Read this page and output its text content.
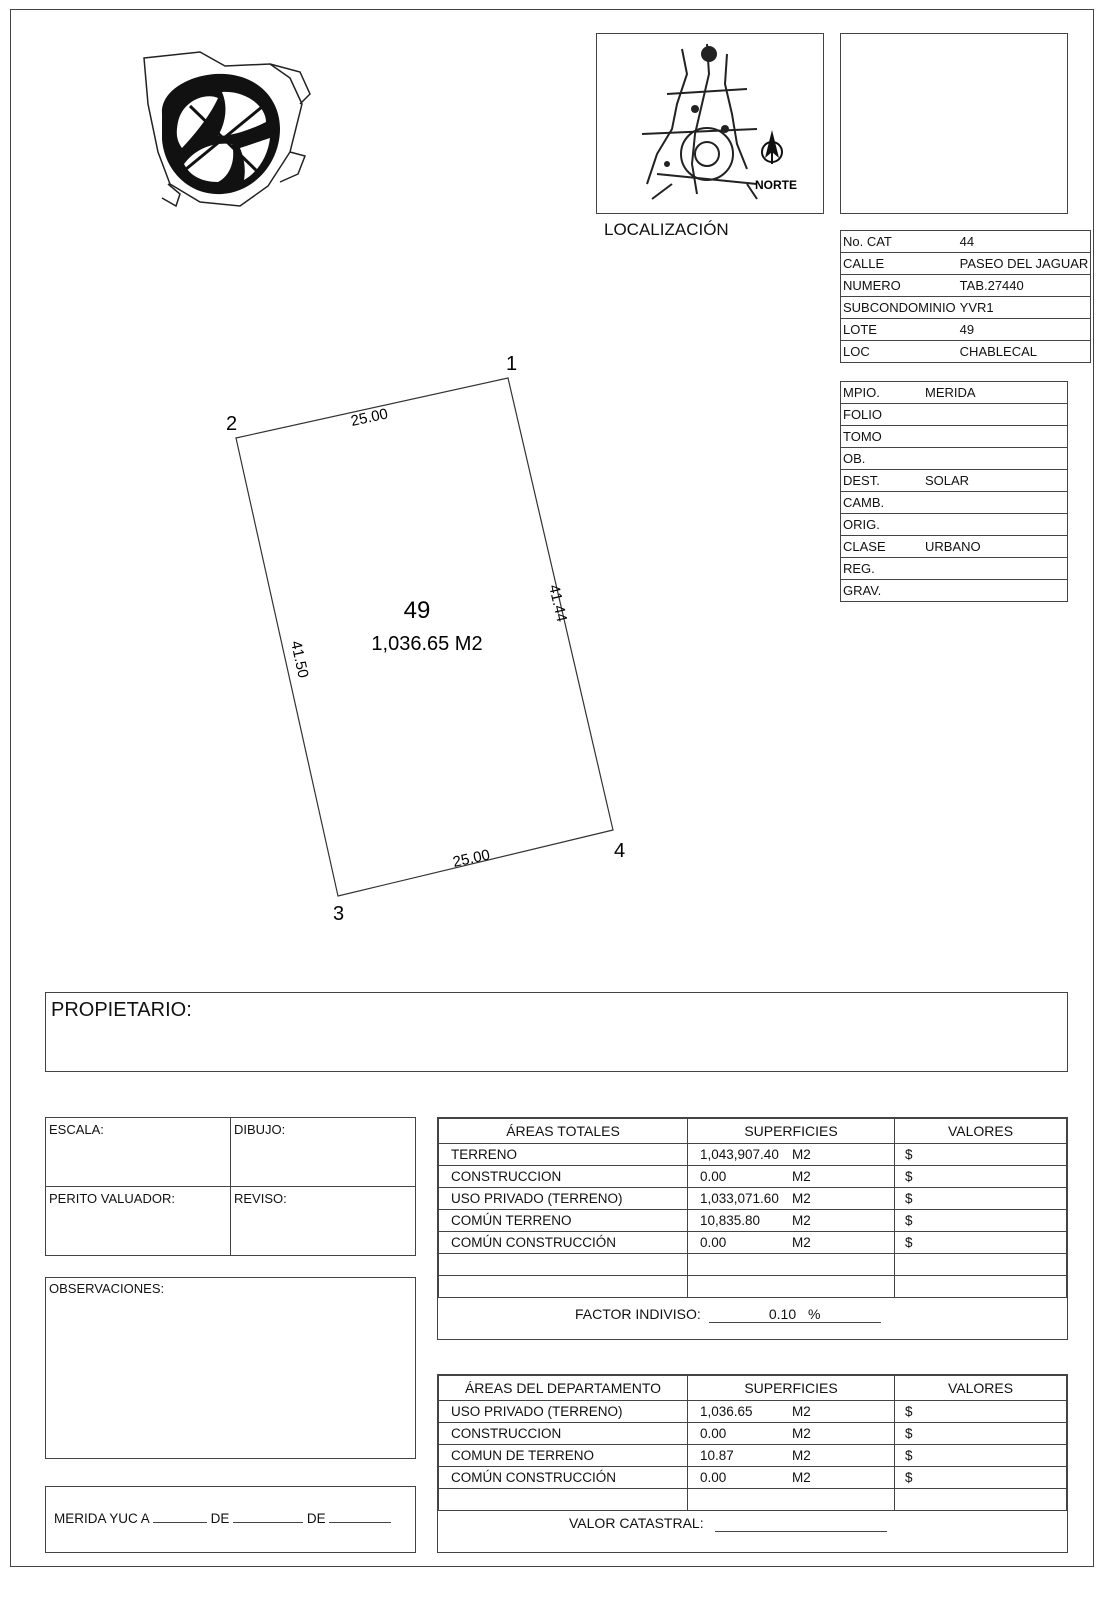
NORTE
LOCALIZACIÓN
No. CAT	44
CALLE	PASEO DEL JAGUAR
NUMERO	TAB.27440
SUBCONDOMINIO	YVR1
LOTE	49
LOC	CHABLECAL
MPIO.	MERIDA
FOLIO	
TOMO	
OB.	
DEST.	SOLAR
CAMB.	
ORIG.	
CLASE	URBANO
REG.	
GRAV.	
1
2
3
4
25.00
41.44
25.00
41.50
49
1,036.65 M2
PROPIETARIO:
ESCALA:	DIBUJO:
PERITO VALUADOR:	REVISO:
OBSERVACIONES:
MERIDA YUC A	DE	DE
ÁREAS TOTALES	SUPERFICIES	VALORES
TERRENO	1,043,907.40 M2	$
CONSTRUCCION	0.00 M2	$
USO PRIVADO (TERRENO)	1,033,071.60 M2	$
COMÚN TERRENO	10,835.80 M2	$
COMÚN CONSTRUCCIÓN	0.00 M2	$

FACTOR INDIVISO:	0.10 %
ÁREAS DEL DEPARTAMENTO	SUPERFICIES	VALORES
USO PRIVADO (TERRENO)	1,036.65 M2	$
CONSTRUCCION	0.00 M2	$
COMUN DE TERRENO	10.87 M2	$
COMÚN CONSTRUCCIÓN	0.00 M2	$

VALOR CATASTRAL:
